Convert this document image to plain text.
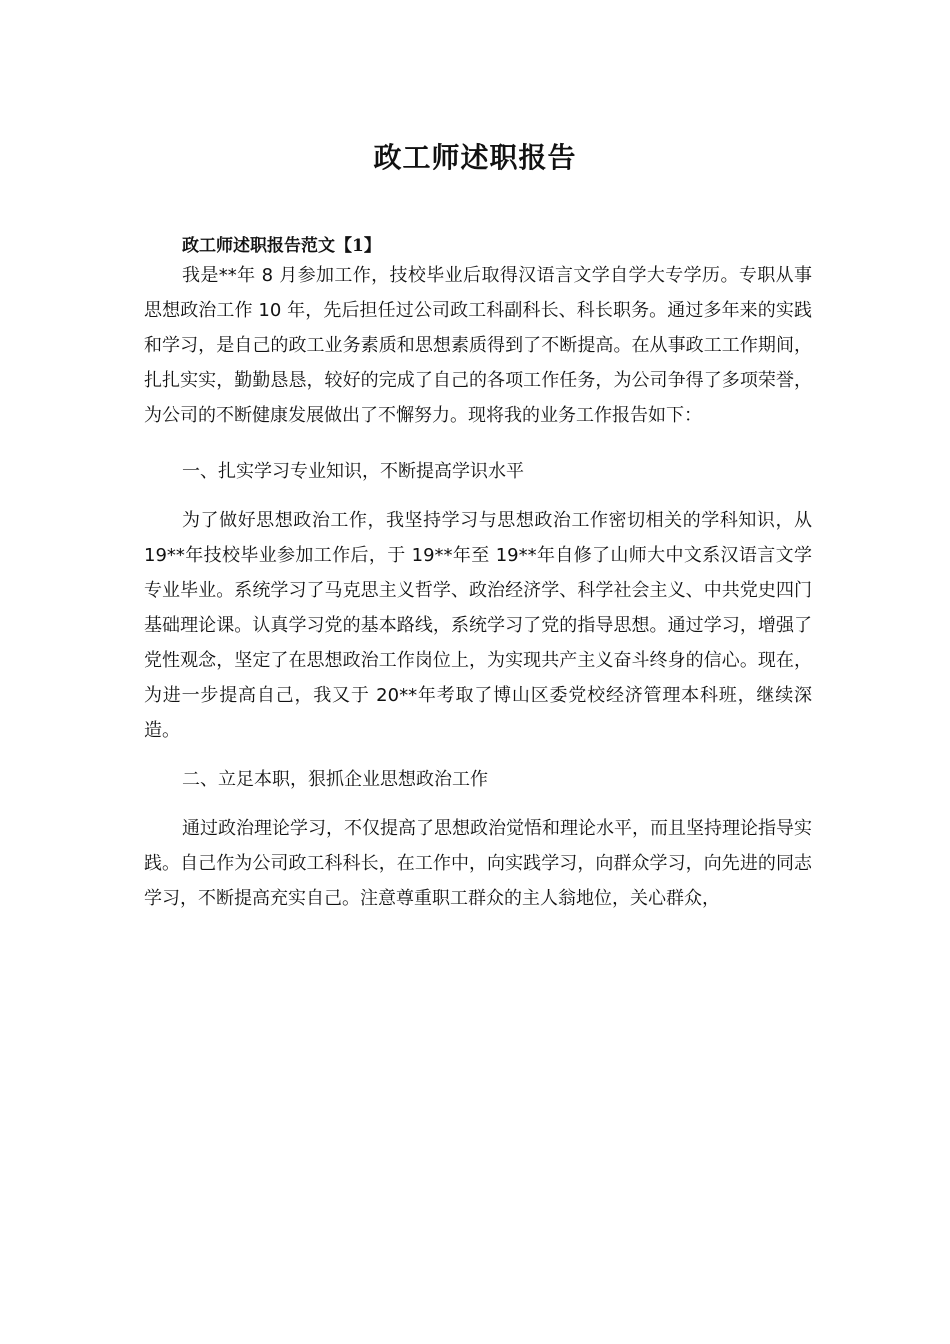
政工师述职报告
政工师述职报告范文【1】

我是**年 8 月参加工作，技校毕业后取得汉语言文学自学大专学历。专职从事思想政治工作 10 年，先后担任过公司政工科副科长、科长职务。通过多年来的实践和学习，是自己的政工业务素质和思想素质得到了不断提高。在从事政工工作期间，扎扎实实，勤勤恳恳，较好的完成了自己的各项工作任务，为公司争得了多项荣誉，为公司的不断健康发展做出了不懈努力。现将我的业务工作报告如下：

一、扎实学习专业知识，不断提高学识水平

为了做好思想政治工作，我坚持学习与思想政治工作密切相关的学科知识，从 19**年技校毕业参加工作后，于 19**年至 19**年自修了山师大中文系汉语言文学专业毕业。系统学习了马克思主义哲学、政治经济学、科学社会主义、中共党史四门基础理论课。认真学习党的基本路线，系统学习了党的指导思想。通过学习，增强了党性观念，坚定了在思想政治工作岗位上，为实现共产主义奋斗终身的信心。现在，为进一步提高自己，我又于 20**年考取了博山区委党校经济管理本科班，继续深造。

二、立足本职，狠抓企业思想政治工作

通过政治理论学习，不仅提高了思想政治觉悟和理论水平，而且坚持理论指导实践。自己作为公司政工科科长，在工作中，向实践学习，向群众学习，向先进的同志学习，不断提高充实自己。注意尊重职工群众的主人翁地位，关心群众，
